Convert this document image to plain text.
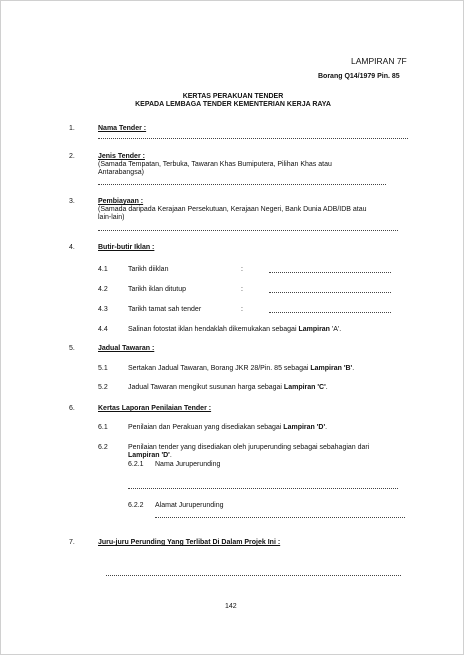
LAMPIRAN 7F
Borang Q14/1979 Pin. 85
KERTAS PERAKUAN TENDER
KEPADA LEMBAGA TENDER KEMENTERIAN KERJA RAYA
1.	Nama Tender :
2.	Jenis Tender :
(Samada Tempatan, Terbuka, Tawaran Khas Bumiputera, Pilihan Khas atau
Antarabangsa)
3.	Pembiayaan :
(Samada daripada Kerajaan Persekutuan, Kerajaan Negeri, Bank Dunia ADB/IDB atau
lain-lain)
4.	Butir-butir Iklan :
4.1	Tarikh diiklan	:
4.2	Tarikh iklan ditutup	:
4.3	Tarikh tamat sah tender	:
4.4	Salinan fotostat iklan hendaklah dikemukakan sebagai Lampiran 'A'.
5.	Jadual Tawaran :
5.1	Sertakan Jadual Tawaran, Borang JKR 28/Pin. 85 sebagai Lampiran 'B'.
5.2	Jadual Tawaran mengikut susunan harga sebagai Lampiran 'C'.
6.	Kertas Laporan Penilaian Tender :
6.1	Penilaian dan Perakuan yang disediakan sebagai Lampiran 'D'.
6.2	Penilaian tender yang disediakan oleh juruperunding sebagai sebahagian dari
Lampiran 'D'.
6.2.1 Nama Juruperunding
6.2.2 Alamat Juruperunding
7.	Juru-juru Perunding Yang Terlibat Di Dalam Projek Ini :
142
